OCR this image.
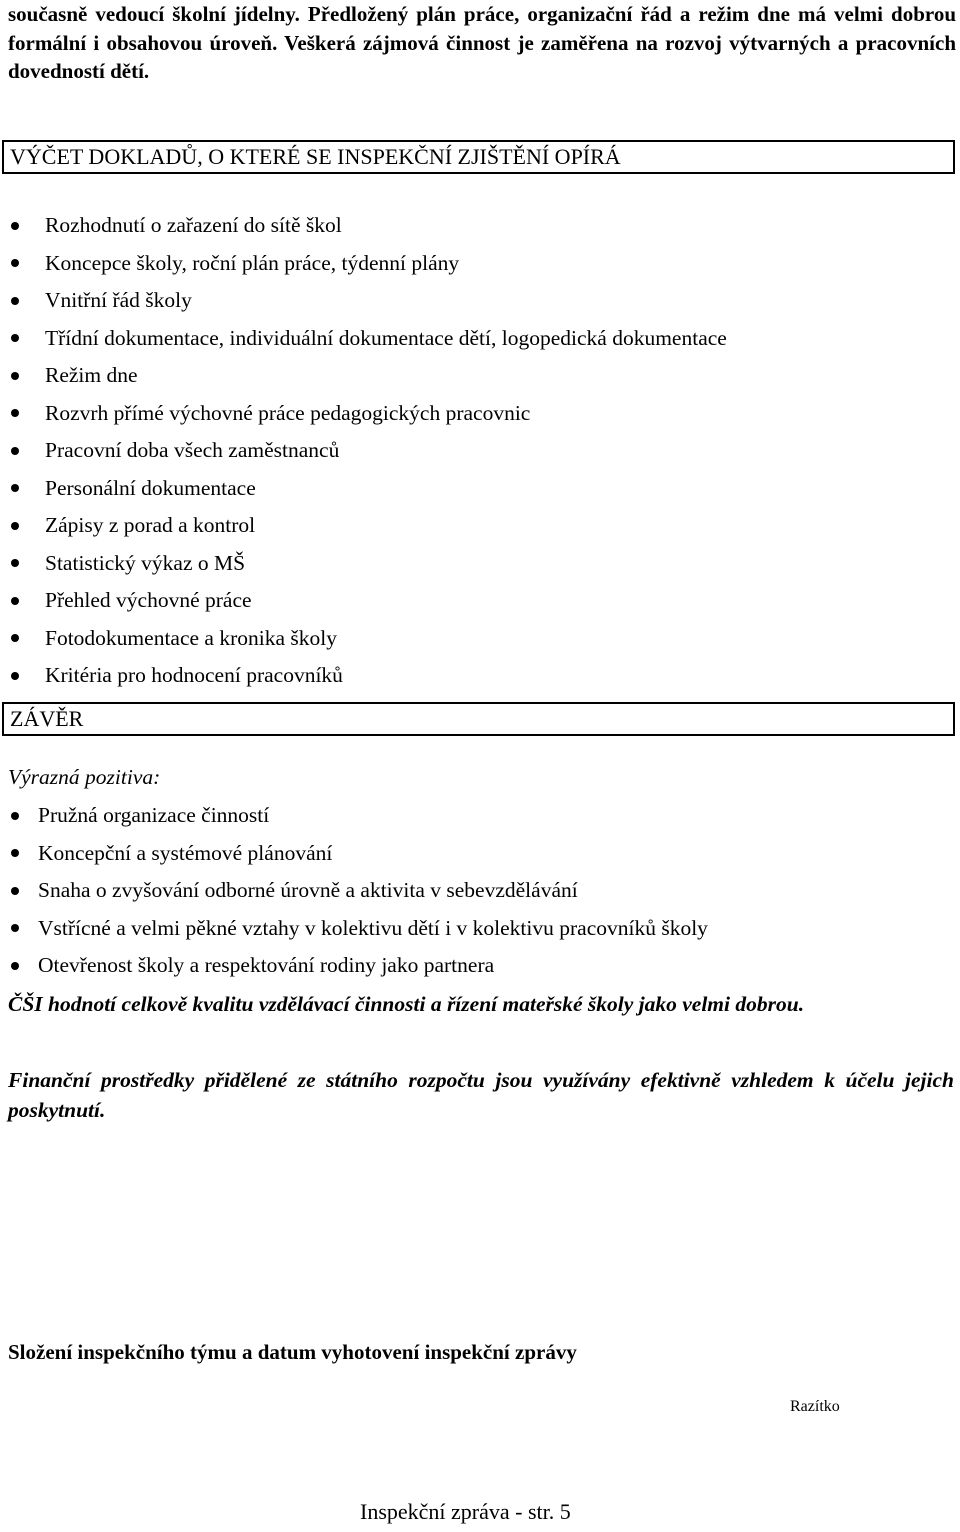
současně vedoucí školní jídelny. Předložený plán práce, organizační řád a režim dne má velmi dobrou formální i obsahovou úroveň. Veškerá zájmová činnost je zaměřena na rozvoj výtvarných a pracovních dovedností dětí.
VÝČET DOKLADŮ, O KTERÉ SE INSPEKČNÍ ZJIŠTĚNÍ OPÍRÁ
Rozhodnutí o zařazení do sítě škol
Koncepce školy, roční plán práce, týdenní plány
Vnitřní řád školy
Třídní dokumentace, individuální dokumentace dětí, logopedická dokumentace
Režim dne
Rozvrh přímé výchovné práce pedagogických pracovnic
Pracovní doba všech zaměstnanců
Personální dokumentace
Zápisy z porad a kontrol
Statistický výkaz o MŠ
Přehled výchovné práce
Fotodokumentace a kronika školy
Kritéria pro hodnocení pracovníků
ZÁVĚR
Výrazná pozitiva:
Pružná organizace činností
Koncepční a systémové plánování
Snaha o zvyšování odborné úrovně a aktivita v sebevzdělávání
Vstřícné a velmi pěkné vztahy v kolektivu dětí i v kolektivu pracovníků školy
Otevřenost školy a respektování rodiny jako partnera
ČŠI hodnotí celkově kvalitu vzdělávací činnosti a řízení mateřské školy jako velmi dobrou.
Finanční prostředky přidělené ze státního rozpočtu jsou využívány efektivně vzhledem k účelu jejich poskytnutí.
Složení inspekčního týmu a datum vyhotovení inspekční zprávy
Razítko
Inspekční zpráva - str. 5
